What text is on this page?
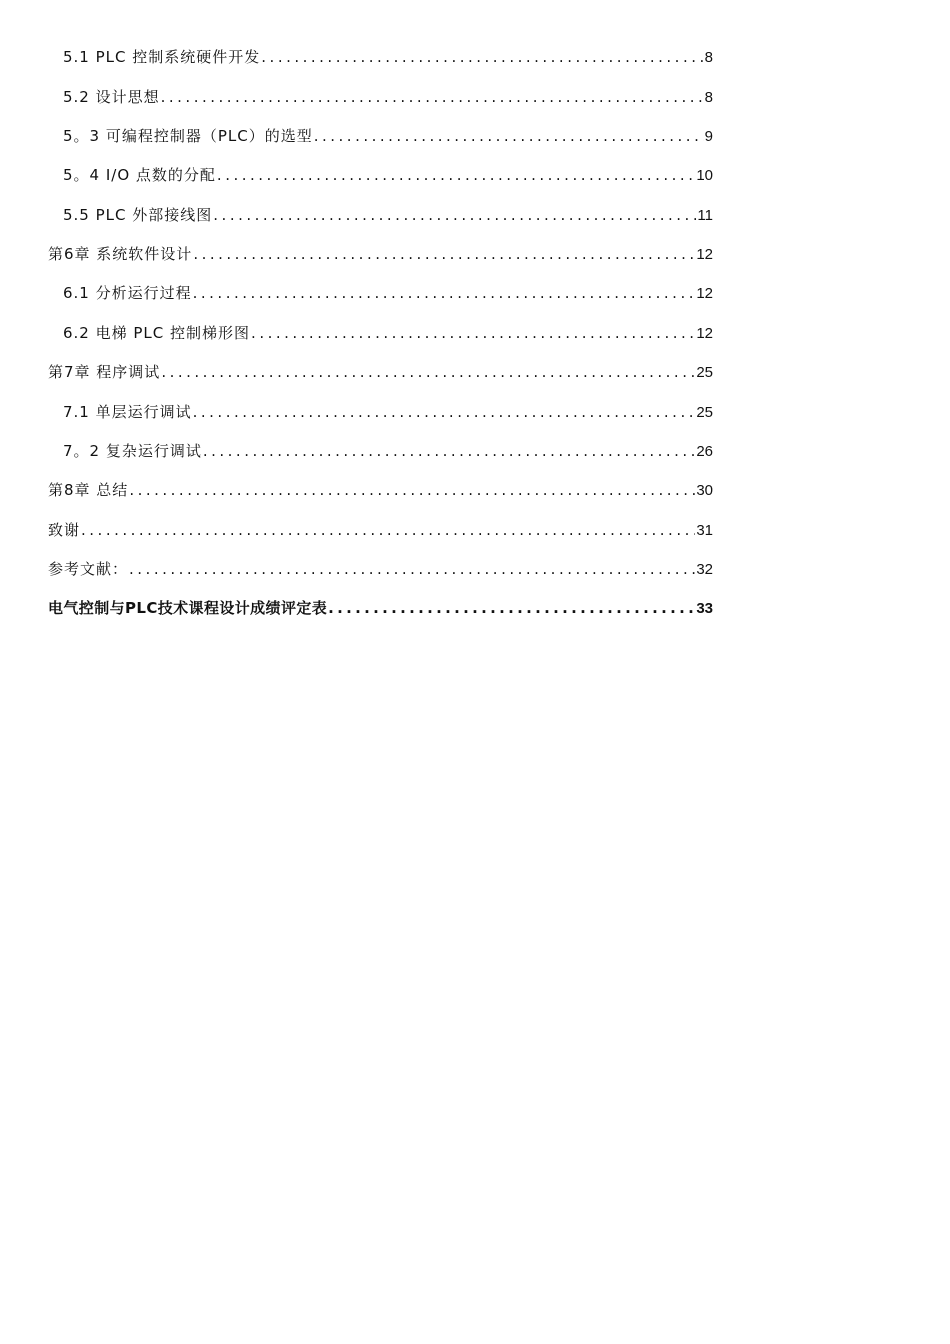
5.1 PLC 控制系统硬件开发 .....	8
5.2 设计思想 .....	8
5。3 可编程控制器（PLC）的选型 .....	9
5。4 I/O 点数的分配 .....	10
5.5 PLC 外部接线图 .....	11
第6章 系统软件设计 .....	12
6.1 分析运行过程 .....	12
6.2 电梯 PLC 控制梯形图 .....	12
第7章 程序调试 .....	25
7.1 单层运行调试 .....	25
7。2 复杂运行调试 .....	26
第8章 总结 .....	30
致谢 .....	31
参考文献： .....	32
电气控制与PLC技术课程设计成绩评定表 .....	33
